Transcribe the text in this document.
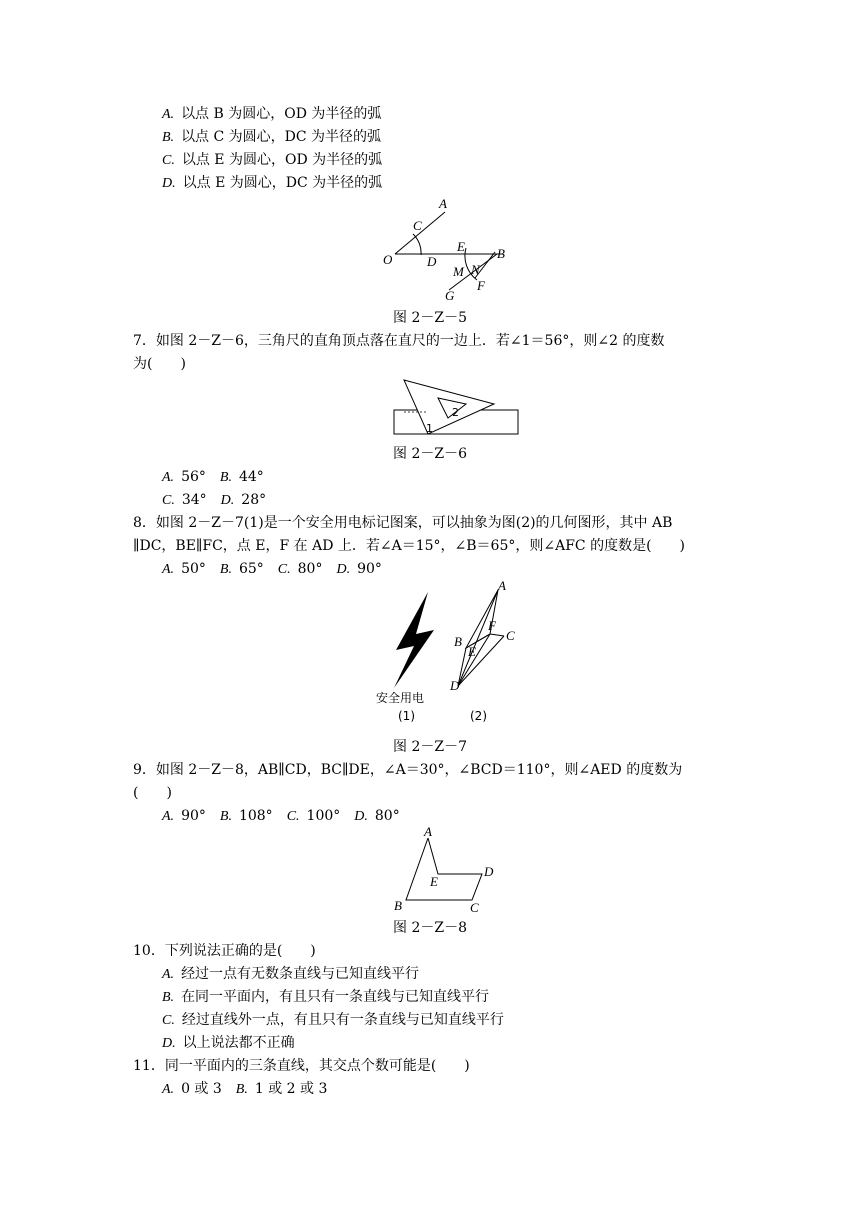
A.  以点 B 为圆心，OD 为半径的弧
B.  以点 C 为圆心，DC 为半径的弧
C.  以点 E 为圆心，OD 为半径的弧
D.  以点 E 为圆心，DC 为半径的弧
A
C
O	D
E B
M N
F
G
图 2－Z－5
7．如图 2－Z－6，三角尺的直角顶点落在直尺的一边上．若∠1＝56°，则∠2 的度数
为(　　)
2
1
图 2－Z－6
A.  56°  B.  44°
C.  34°  D.  28°
8．如图 2－Z－7(1)是一个安全用电标记图案，可以抽象为图(2)的几何图形，其中 AB
∥DC，BE∥FC，点 E，F 在 AD 上．若∠A＝15°，∠B＝65°，则∠AFC 的度数是(　　)
A.  50°  B.  65°  C.  80°  D.  90°
安全用电
(1)
A
B
F
C
E
D
(2)
图 2－Z－7
9．如图 2－Z－8，AB∥CD，BC∥DE，∠A＝30°，∠BCD＝110°，则∠AED 的度数为
(　　)
A.  90°  B.  108°  C.  100°  D.  80°
A
E
D
B	C
图 2－Z－8
10．下列说法正确的是(　　)
A.  经过一点有无数条直线与已知直线平行
B.  在同一平面内，有且只有一条直线与已知直线平行
C.  经过直线外一点，有且只有一条直线与已知直线平行
D.  以上说法都不正确
11．同一平面内的三条直线，其交点个数可能是(　　)
A.  0 或 3  B.  1 或 2 或 3
